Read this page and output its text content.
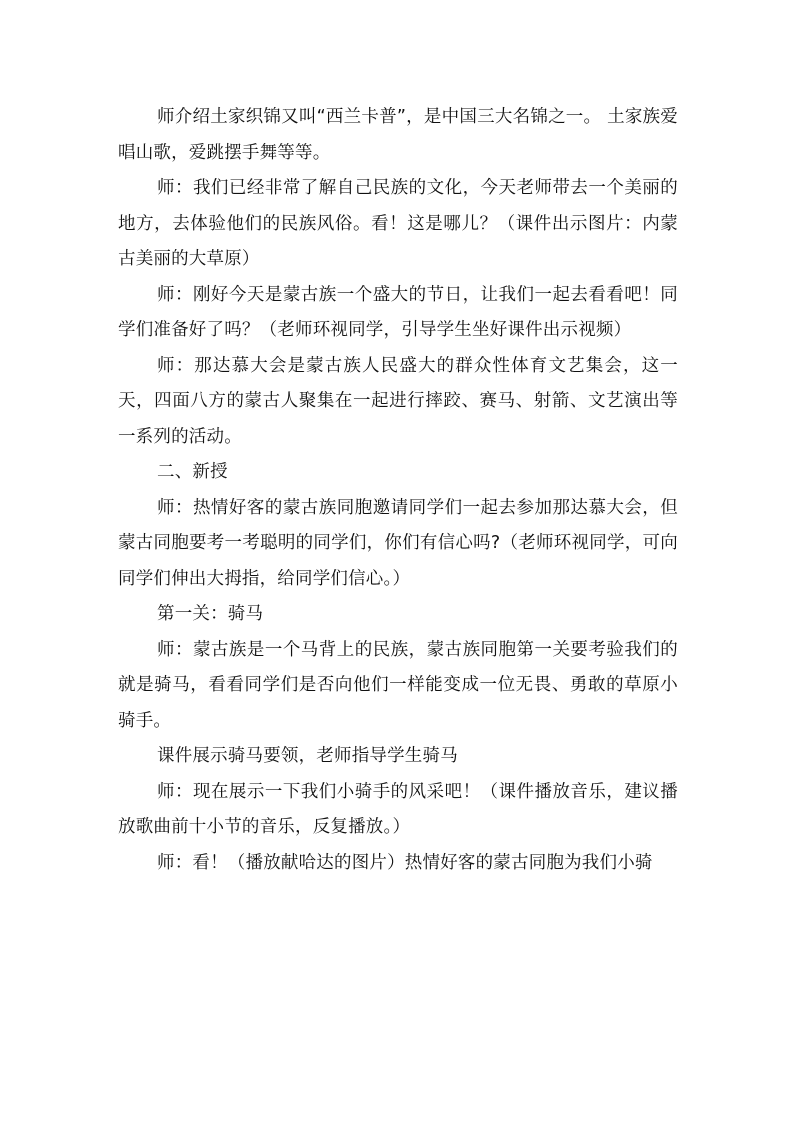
师介绍土家织锦又叫“西兰卡普”，是中国三大名锦之一。 土家族爱唱山歌，爱跳摆手舞等等。

师：我们已经非常了解自己民族的文化，今天老师带去一个美丽的地方，去体验他们的民族风俗。看！这是哪儿？（课件出示图片：内蒙古美丽的大草原）

师：刚好今天是蒙古族一个盛大的节日，让我们一起去看看吧！同学们准备好了吗？（老师环视同学，引导学生坐好课件出示视频）

师：那达慕大会是蒙古族人民盛大的群众性体育文艺集会，这一天，四面八方的蒙古人聚集在一起进行摔跤、赛马、射箭、文艺演出等一系列的活动。

二、新授

师：热情好客的蒙古族同胞邀请同学们一起去参加那达慕大会，但蒙古同胞要考一考聪明的同学们，你们有信心吗?（老师环视同学，可向同学们伸出大拇指，给同学们信心。）

第一关：骑马

师：蒙古族是一个马背上的民族，蒙古族同胞第一关要考验我们的就是骑马，看看同学们是否向他们一样能变成一位无畏、勇敢的草原小骑手。

课件展示骑马要领，老师指导学生骑马

师：现在展示一下我们小骑手的风采吧！（课件播放音乐，建议播放歌曲前十小节的音乐，反复播放。）

师：看！（播放献哈达的图片）热情好客的蒙古同胞为我们小骑
